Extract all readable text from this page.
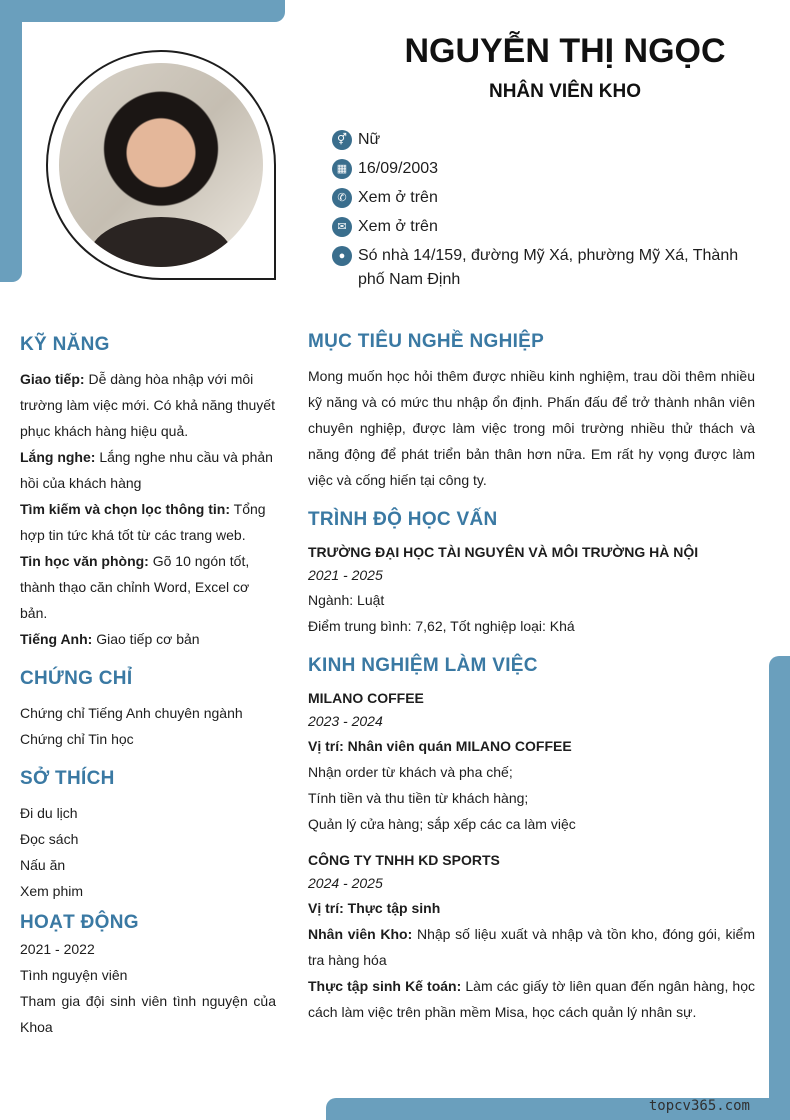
NGUYỄN THỊ NGỌC
NHÂN VIÊN KHO
⚥ Nữ
▦ 16/09/2003
✆ Xem ở trên
✉ Xem ở trên
● Só nhà 14/159, đường Mỹ Xá, phường Mỹ Xá, Thành phố Nam Định
KỸ NĂNG
Giao tiếp: Dễ dàng hòa nhập với môi trường làm việc mới. Có khả năng thuyết phục khách hàng hiệu quả.
Lắng nghe: Lắng nghe nhu cầu và phản hồi của khách hàng
Tìm kiếm và chọn lọc thông tin: Tổng hợp tin tức khá tốt từ các trang web.
Tin học văn phòng: Gõ 10 ngón tốt, thành thạo căn chỉnh Word, Excel cơ bản.
Tiếng Anh: Giao tiếp cơ bản
CHỨNG CHỈ
Chứng chỉ Tiếng Anh chuyên ngành
Chứng chỉ Tin học
SỞ THÍCH
Đi du lịch
Đọc sách
Nấu ăn
Xem phim
HOẠT ĐỘNG
2021 - 2022
Tình nguyện viên
Tham gia đội sinh viên tình nguyện của Khoa
MỤC TIÊU NGHỀ NGHIỆP
Mong muốn học hỏi thêm được nhiều kinh nghiệm, trau dồi thêm nhiều kỹ năng và có mức thu nhập ổn định. Phấn đấu để trở thành nhân viên chuyên nghiệp, được làm việc trong môi trường nhiều thử thách và năng động để phát triển bản thân hơn nữa. Em rất hy vọng được làm việc và cống hiến tại công ty.
TRÌNH ĐỘ HỌC VẤN
TRƯỜNG ĐẠI HỌC TÀI NGUYÊN VÀ MÔI TRƯỜNG HÀ NỘI
2021 - 2025
Ngành: Luật
Điểm trung bình: 7,62, Tốt nghiệp loại: Khá
KINH NGHIỆM LÀM VIỆC
MILANO COFFEE
2023 - 2024
Vị trí: Nhân viên quán MILANO COFFEE
Nhận order từ khách và pha chế;
Tính tiền và thu tiền từ khách hàng;
Quản lý cửa hàng; sắp xếp các ca làm việc
CÔNG TY TNHH KD SPORTS
2024 - 2025
Vị trí: Thực tập sinh
Nhân viên Kho: Nhập số liệu xuất và nhập và tồn kho, đóng gói, kiểm tra hàng hóa
Thực tập sinh Kế toán: Làm các giấy tờ liên quan đến ngân hàng, học cách làm việc trên phần mềm Misa, học cách quản lý nhân sự.
topcv365.com
